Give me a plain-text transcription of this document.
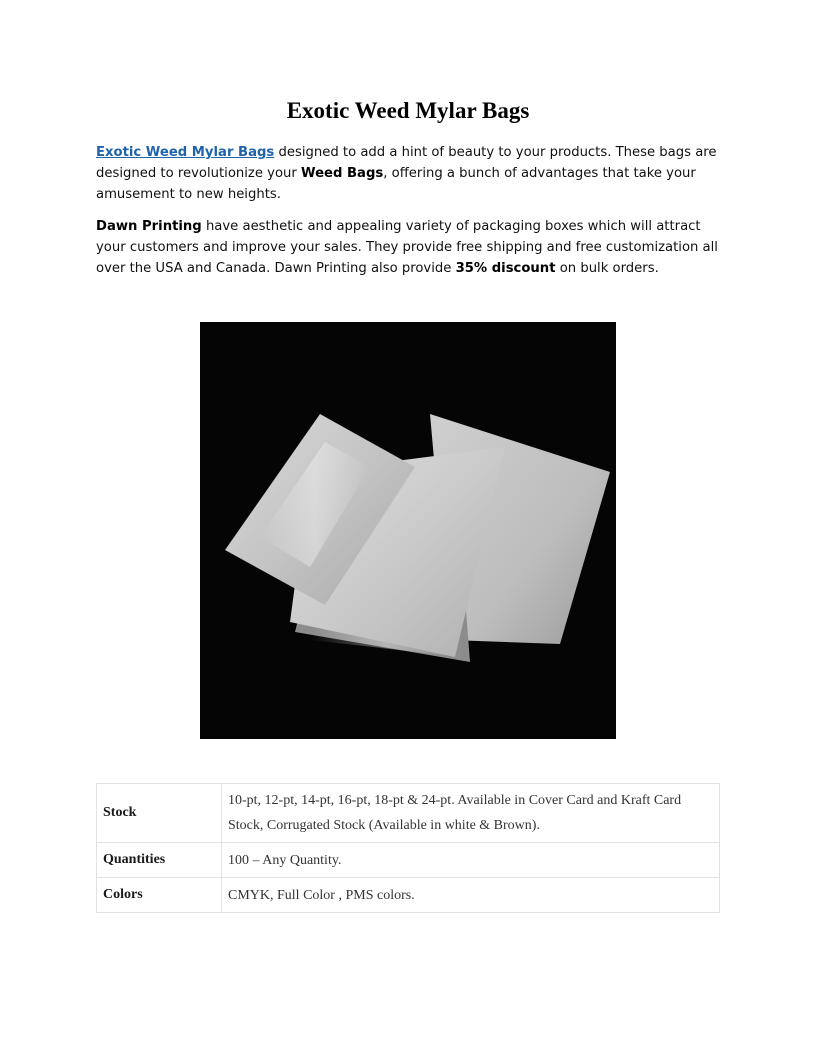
Exotic Weed Mylar Bags

Exotic Weed Mylar Bags designed to add a hint of beauty to your products. These bags are designed to revolutionize your Weed Bags, offering a bunch of advantages that take your amusement to new heights.

Dawn Printing have aesthetic and appealing variety of packaging boxes which will attract your customers and improve your sales. They provide free shipping and free customization all over the USA and Canada. Dawn Printing also provide 35% discount on bulk orders.

Stock	10-pt, 12-pt, 14-pt, 16-pt, 18-pt & 24-pt. Available in Cover Card and Kraft Card Stock, Corrugated Stock (Available in white & Brown).
Quantities	100 – Any Quantity.
Colors	CMYK, Full Color , PMS colors.
